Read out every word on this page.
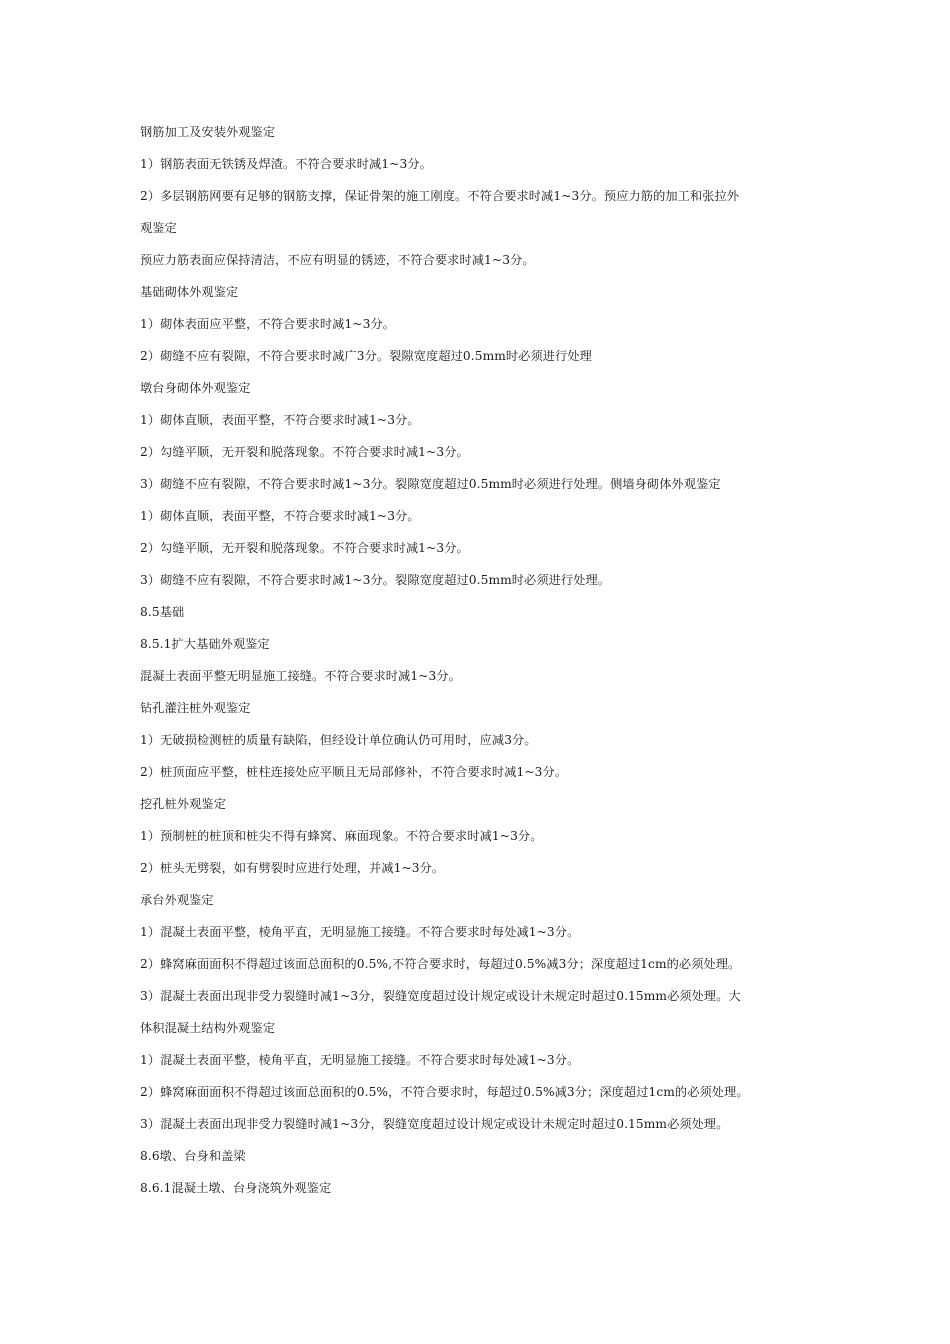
钢筋加工及安装外观鉴定
1）钢筋表面无铁锈及焊渣。不符合要求时减1~3分。
2）多层钢筋网要有足够的钢筋支撑，保证骨架的施工刚度。不符合要求时减1~3分。预应力筋的加工和张拉外
观鉴定
预应力筋表面应保持清洁，不应有明显的锈迹，不符合要求时减1~3分。
基础砌体外观鉴定
1）砌体表面应平整，不符合要求时减1~3分。
2）砌缝不应有裂隙，不符合要求时减广3分。裂隙宽度超过0.5mm时必须进行处理
墩台身砌体外观鉴定
1）砌体直顺，表面平整，不符合要求时减1~3分。
2）勾缝平顺，无开裂和脱落现象。不符合要求时减1~3分。
3）砌缝不应有裂隙，不符合要求时减1~3分。裂隙宽度超过0.5mm时必须进行处理。侧墙身砌体外观鉴定
1）砌体直顺，表面平整，不符合要求时减1~3分。
2）勾缝平顺，无开裂和脱落现象。不符合要求时减1~3分。
3）砌缝不应有裂隙，不符合要求时减1~3分。裂隙宽度超过0.5mm时必须进行处理。
8.5基础
8.5.1扩大基础外观鉴定
混凝土表面平整无明显施工接缝。不符合要求时减1~3分。
钻孔灌注桩外观鉴定
1）无破损检测桩的质量有缺陷，但经设计单位确认仍可用时，应减3分。
2）桩顶面应平整，桩柱连接处应平顺且无局部修补，不符合要求时减1~3分。
挖孔桩外观鉴定
1）预制桩的桩顶和桩尖不得有蜂窝、麻面现象。不符合要求时减1~3分。
2）桩头无劈裂，如有劈裂时应进行处理，并减1~3分。
承台外观鉴定
1）混凝土表面平整，棱角平直，无明显施工接缝。不符合要求时每处减1~3分。
2）蜂窝麻面面积不得超过该面总面积的0.5%,不符合要求时，每超过0.5%减3分；深度超过1cm的必须处理。
3）混凝土表面出现非受力裂缝时减1~3分，裂缝宽度超过设计规定或设计未规定时超过0.15mm必须处理。大
体积混凝土结构外观鉴定
1）混凝土表面平整，棱角平直，无明显施工接缝。不符合要求时每处减1~3分。
2）蜂窝麻面面积不得超过该面总面积的0.5%，不符合要求时，每超过0.5%减3分；深度超过1cm的必须处理。
3）混凝土表面出现非受力裂缝时减1~3分，裂缝宽度超过设计规定或设计未规定时超过0.15mm必须处理。
8.6墩、台身和盖梁
8.6.1混凝土墩、台身浇筑外观鉴定
